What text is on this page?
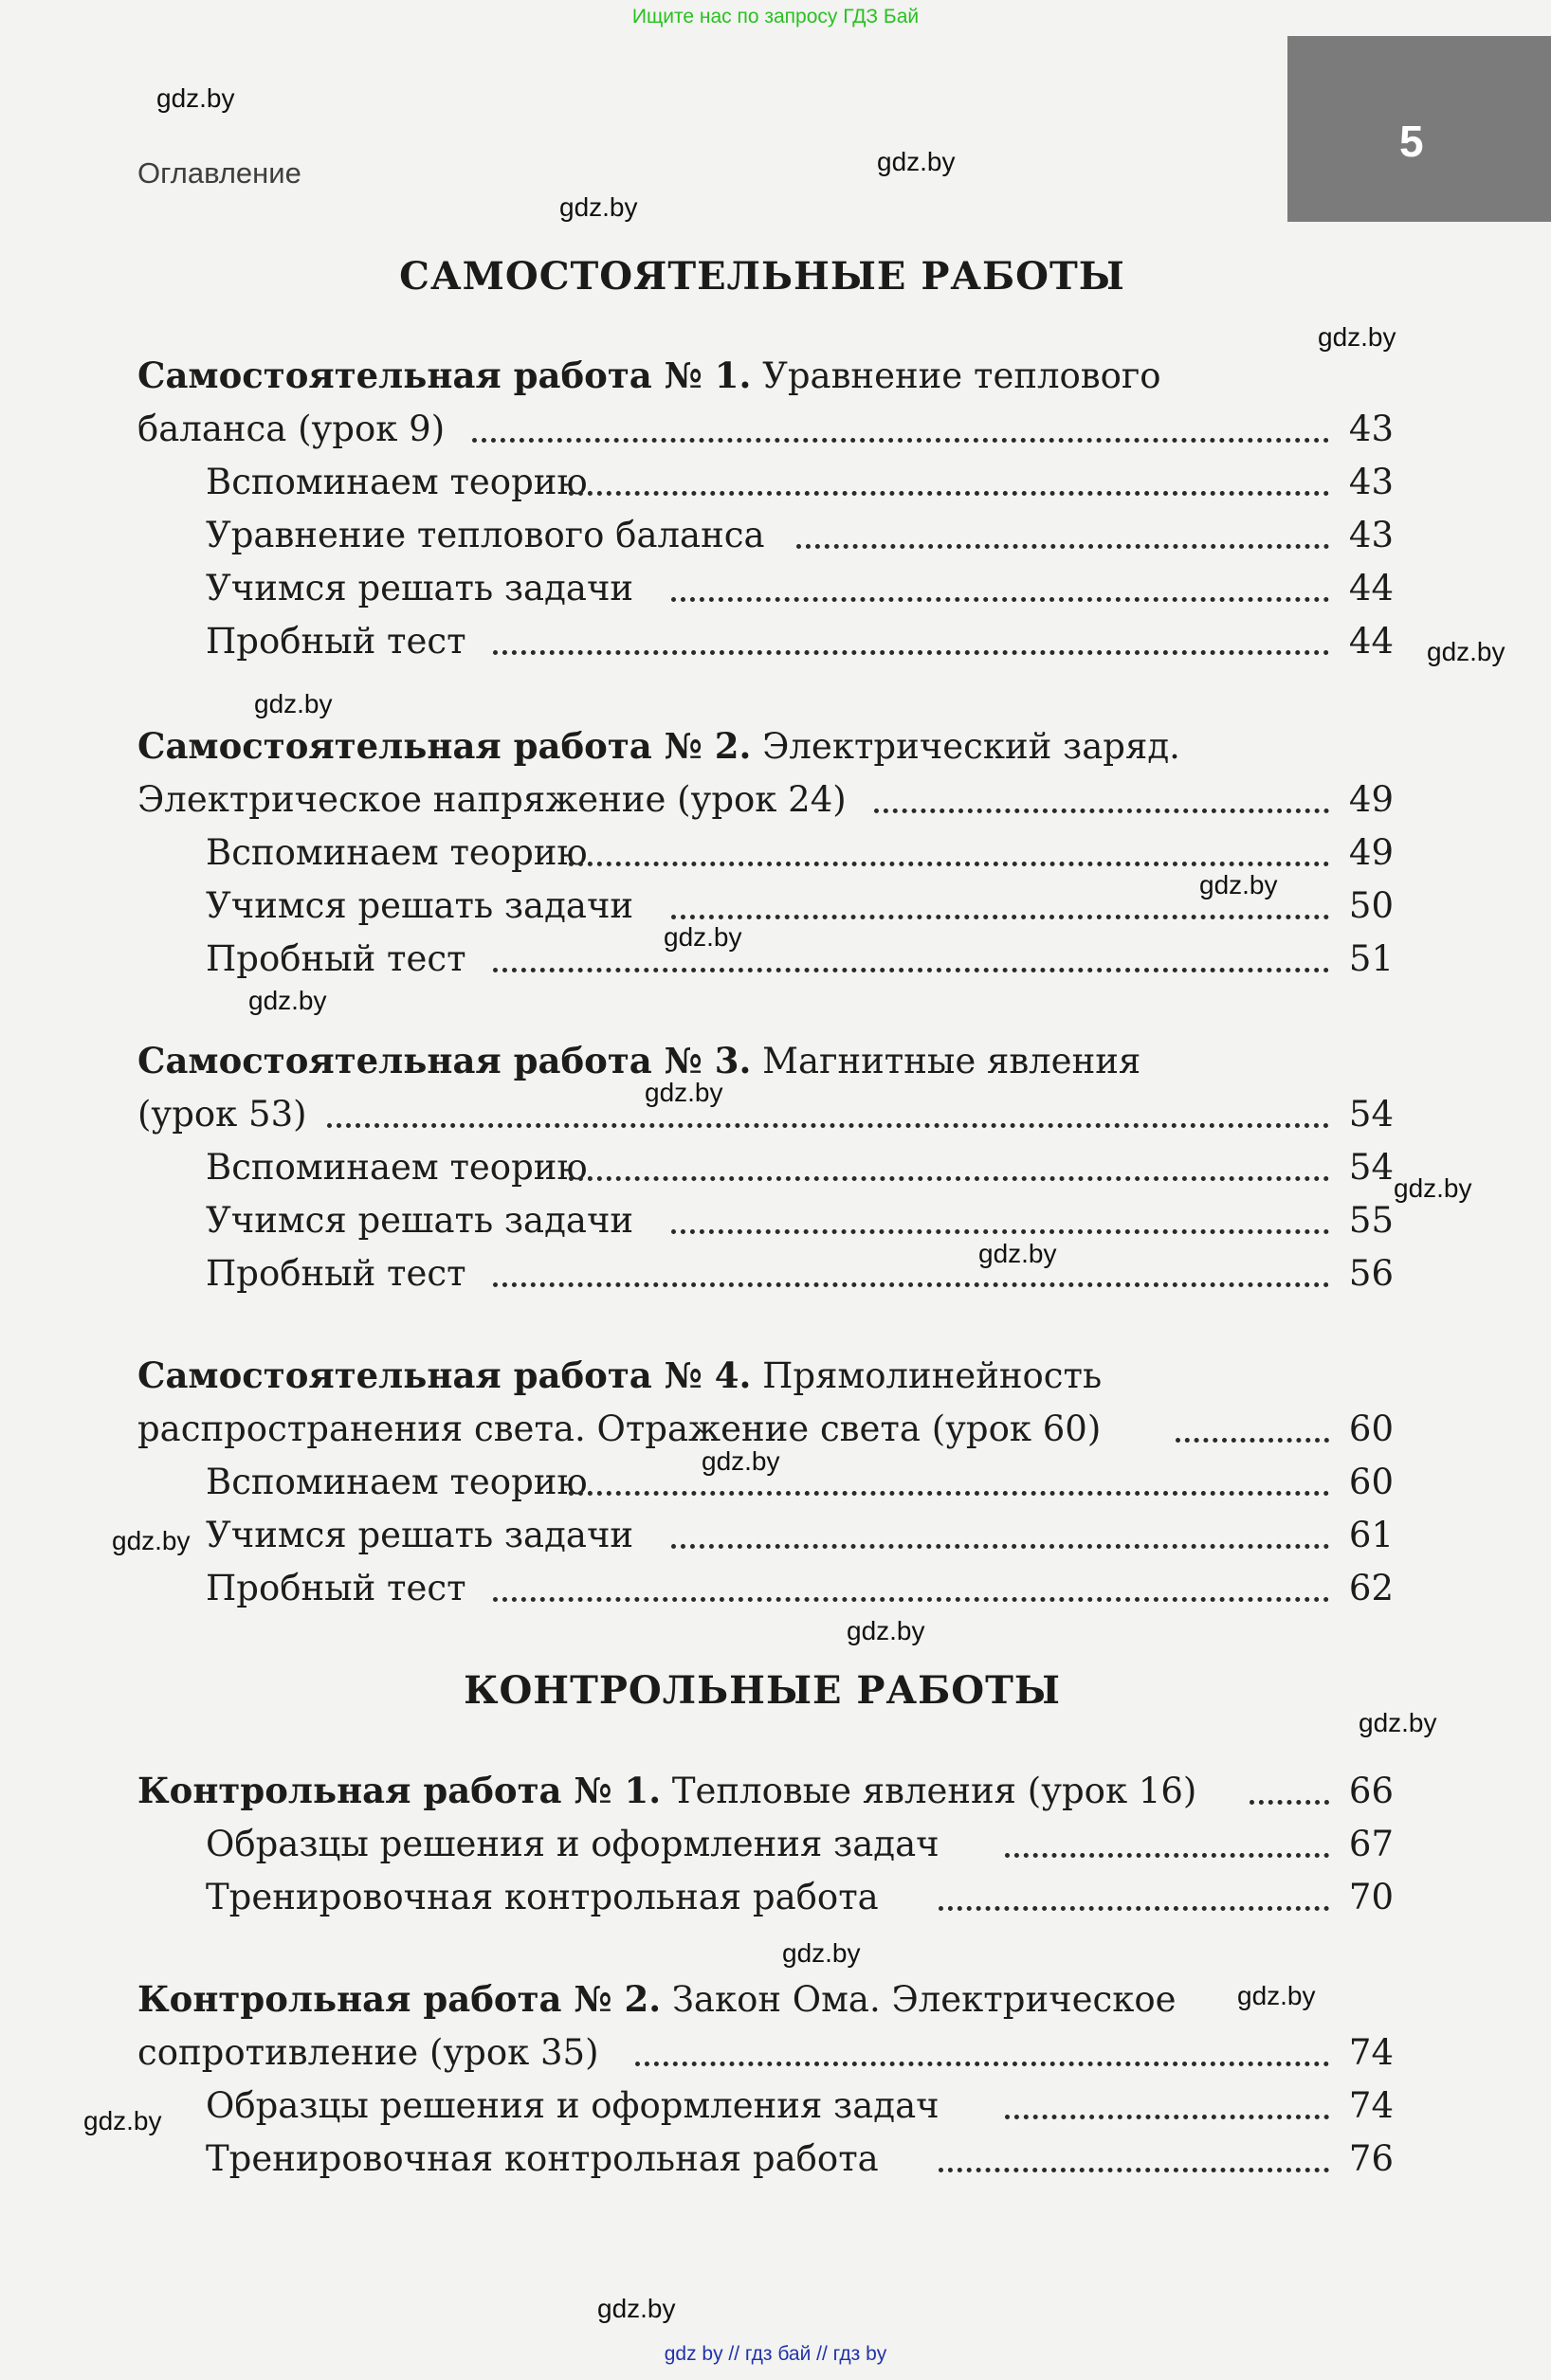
Ищите нас по запросу ГДЗ Бай
5
Оглавление
САМОСТОЯТЕЛЬНЫЕ РАБОТЫ
Самостоятельная работа № 1. Уравнение теплового
баланса (урок 9)	43
Вспоминаем теорию	43
Уравнение теплового баланса	43
Учимся решать задачи	44
Пробный тест	44
Самостоятельная работа № 2. Электрический заряд.
Электрическое напряжение (урок 24)	49
Вспоминаем теорию	49
Учимся решать задачи	50
Пробный тест	51
Самостоятельная работа № 3. Магнитные явления
(урок 53)	54
Вспоминаем теорию	54
Учимся решать задачи	55
Пробный тест	56
Самостоятельная работа № 4. Прямолинейность
распространения света. Отражение света (урок 60)	60
Вспоминаем теорию	60
Учимся решать задачи	61
Пробный тест	62
КОНТРОЛЬНЫЕ РАБОТЫ
Контрольная работа № 1. Тепловые явления (урок 16)	66
Образцы решения и оформления задач	67
Тренировочная контрольная работа	70
Контрольная работа № 2. Закон Ома. Электрическое
сопротивление (урок 35)	74
Образцы решения и оформления задач	74
Тренировочная контрольная работа	76
gdz.by
gdz.by
gdz.by
gdz.by
gdz.by
gdz.by
gdz.by
gdz.by
gdz.by
gdz.by
gdz.by
gdz.by
gdz.by
gdz.by
gdz.by
gdz.by
gdz.by
gdz.by
gdz.by
gdz.by
gdz by // гдз бай // гдз by
